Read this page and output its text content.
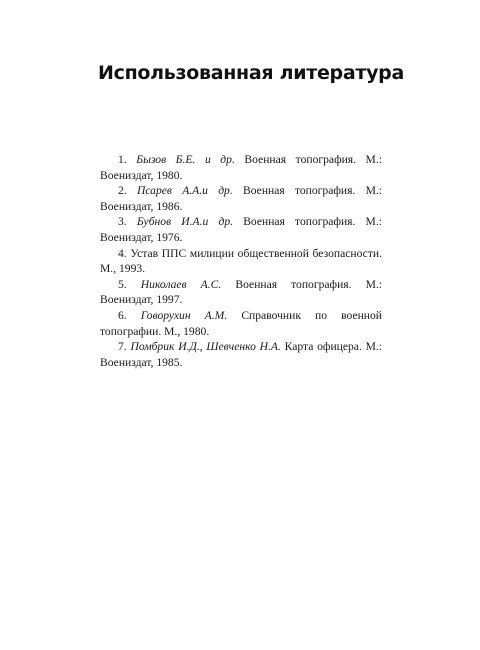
Использованная литература
1. Бызов Б.Е. и др. Военная топография. М.: Воениздат, 1980.
2. Псарев А.А.и др. Военная топография. М.: Воениздат, 1986.
3. Бубнов И.А.и др. Военная топография. М.: Воениздат, 1976.
4. Устав ППС милиции общественной безопасности. М., 1993.
5. Николаев А.С. Военная топография. М.: Воениздат, 1997.
6. Говорухин А.М. Справочник по военной топографии. М., 1980.
7. Помбрик И.Д., Шевченко Н.А. Карта офицера. М.: Воениздат, 1985.
